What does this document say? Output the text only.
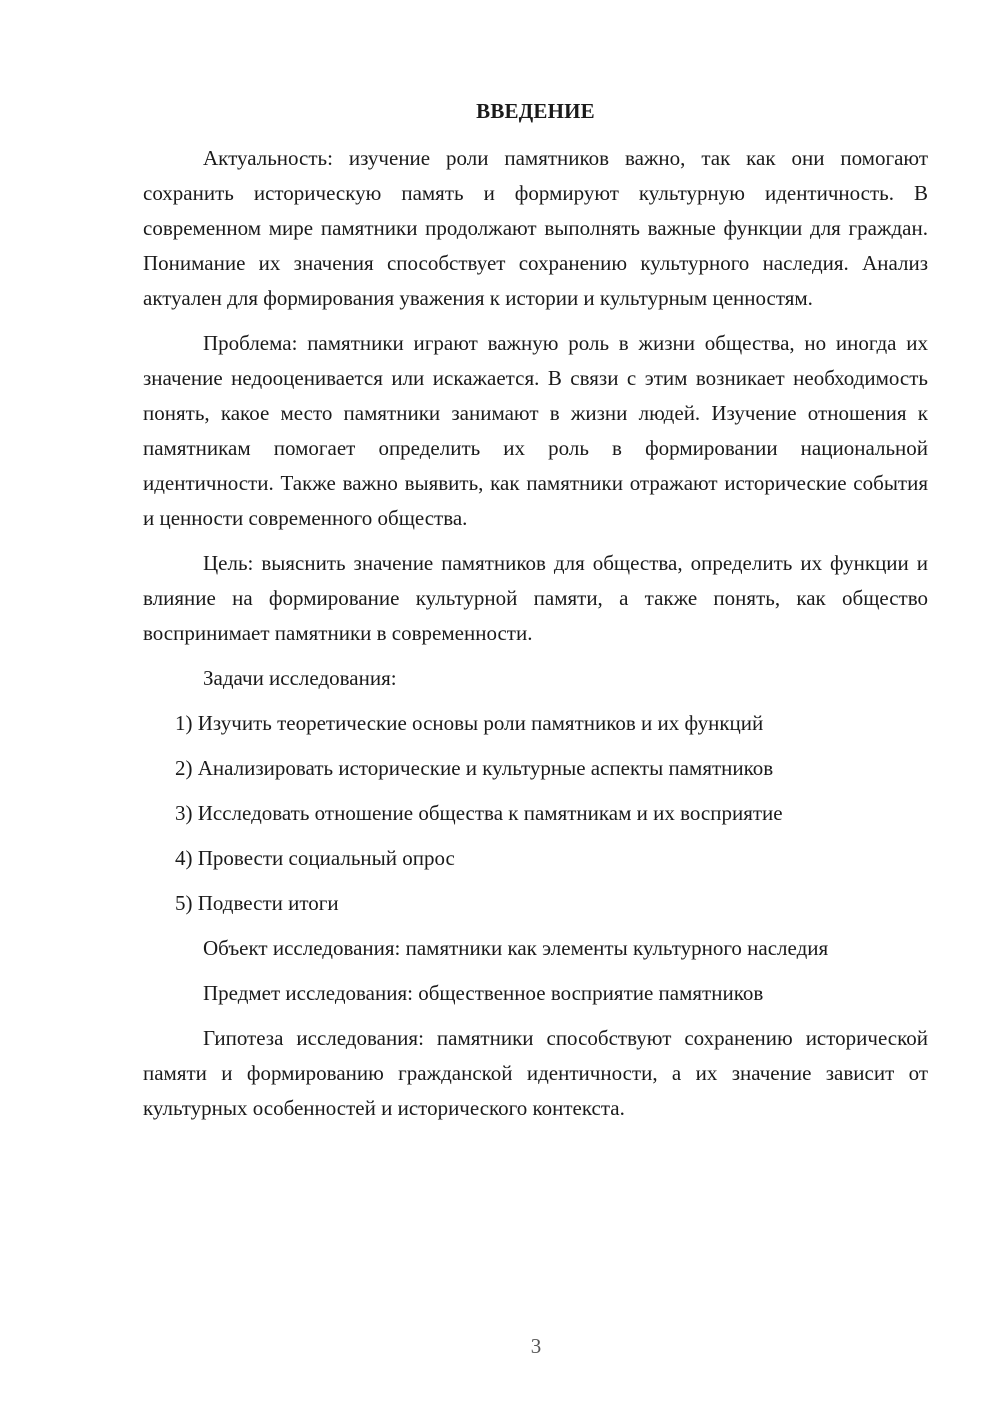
ВВЕДЕНИЕ

Актуальность: изучение роли памятников важно, так как они помогают сохранить историческую память и формируют культурную идентичность. В современном мире памятники продолжают выполнять важные функции для граждан. Понимание их значения способствует сохранению культурного наследия. Анализ актуален для формирования уважения к истории и культурным ценностям.

Проблема: памятники играют важную роль в жизни общества, но иногда их значение недооценивается или искажается. В связи с этим возникает необходимость понять, какое место памятники занимают в жизни людей. Изучение отношения к памятникам помогает определить их роль в формировании национальной идентичности. Также важно выявить, как памятники отражают исторические события и ценности современного общества.

Цель: выяснить значение памятников для общества, определить их функции и влияние на формирование культурной памяти, а также понять, как общество воспринимает памятники в современности.

Задачи исследования:

1) Изучить теоретические основы роли памятников и их функций
2) Анализировать исторические и культурные аспекты памятников
3) Исследовать отношение общества к памятникам и их восприятие
4) Провести социальный опрос
5) Подвести итоги

Объект исследования: памятники как элементы культурного наследия

Предмет исследования: общественное восприятие памятников

Гипотеза исследования: памятники способствуют сохранению исторической памяти и формированию гражданской идентичности, а их значение зависит от культурных особенностей и исторического контекста.

3
